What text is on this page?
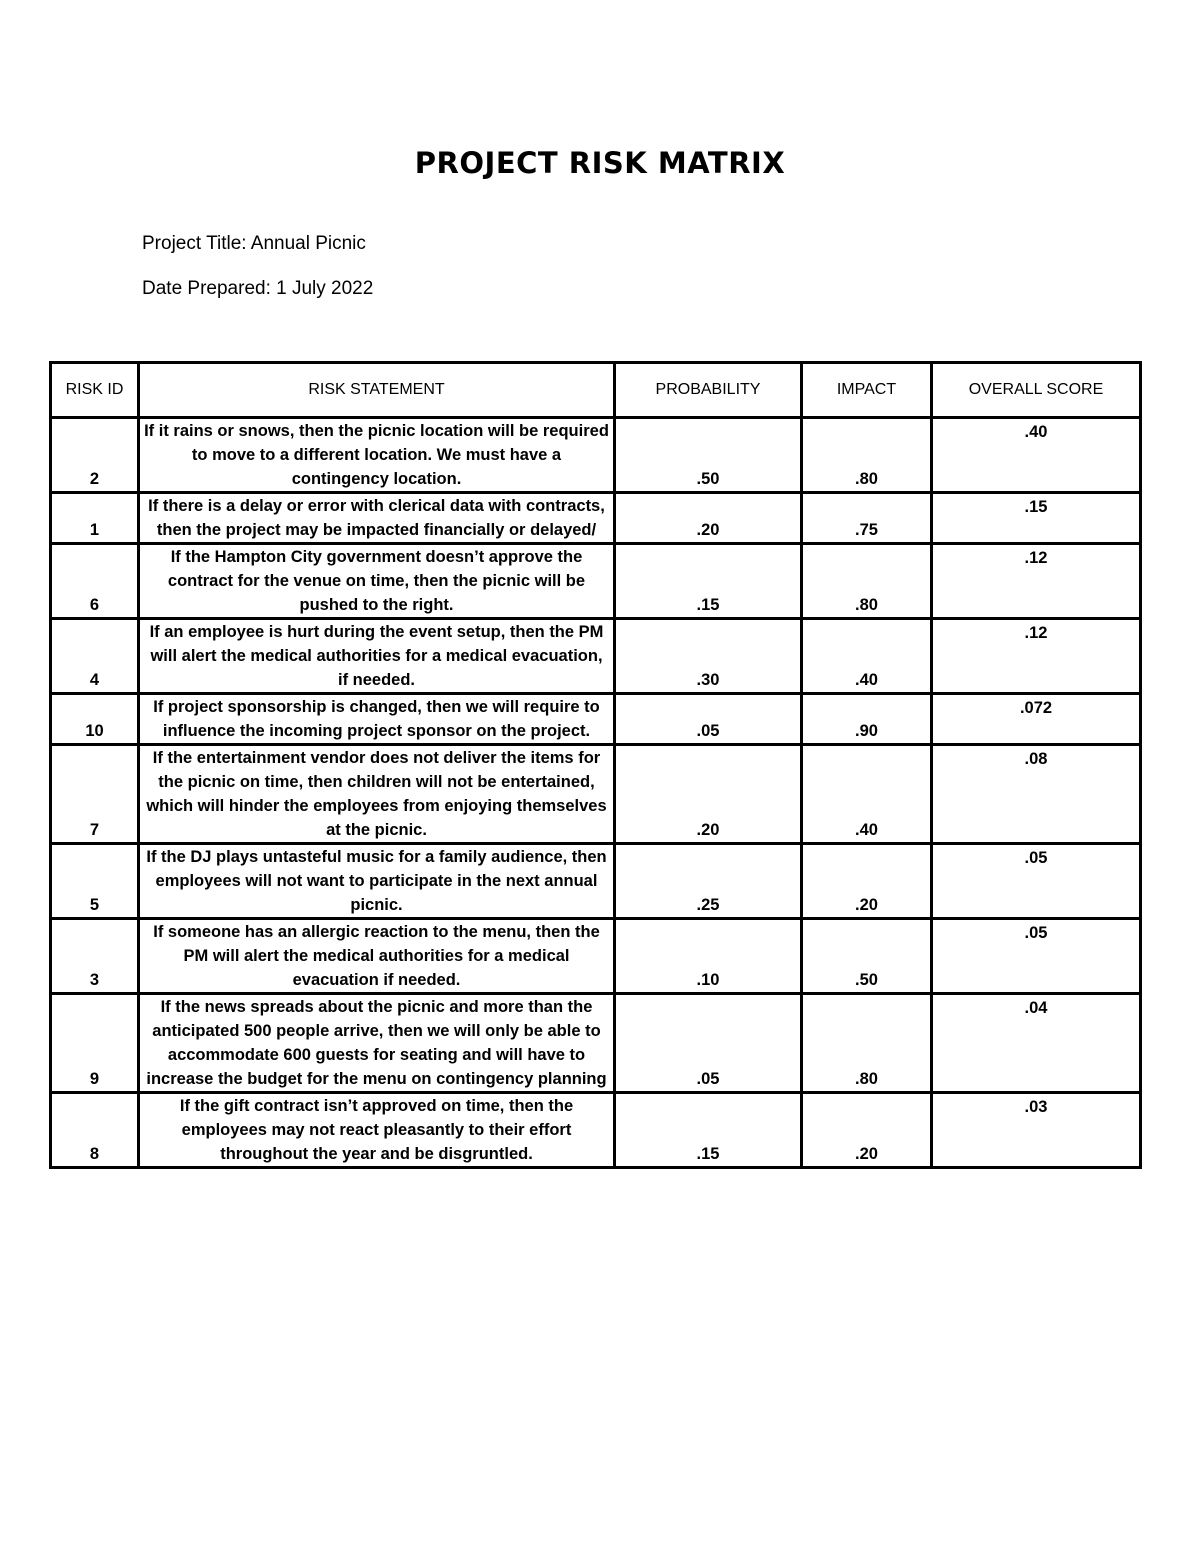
PROJECT RISK MATRIX
Project Title: Annual Picnic
Date Prepared: 1 July 2022
RISK ID	RISK STATEMENT	PROBABILITY	IMPACT	OVERALL SCORE
2	If it rains or snows, then the picnic location will be required to move to a different location. We must have a contingency location.	.50	.80	.40
1	If there is a delay or error with clerical data with contracts, then the project may be impacted financially or delayed/	.20	.75	.15
6	If the Hampton City government doesn’t approve the contract for the venue on time, then the picnic will be pushed to the right.	.15	.80	.12
4	If an employee is hurt during the event setup, then the PM will alert the medical authorities for a medical evacuation, if needed.	.30	.40	.12
10	If project sponsorship is changed, then we will require to influence the incoming project sponsor on the project.	.05	.90	.072
7	If the entertainment vendor does not deliver the items for the picnic on time, then children will not be entertained, which will hinder the employees from enjoying themselves at the picnic.	.20	.40	.08
5	If the DJ plays untasteful music for a family audience, then employees will not want to participate in the next annual picnic.	.25	.20	.05
3	If someone has an allergic reaction to the menu, then the PM will alert the medical authorities for a medical evacuation if needed.	.10	.50	.05
9	If the news spreads about the picnic and more than the anticipated 500 people arrive, then we will only be able to accommodate 600 guests for seating and will have to increase the budget for the menu on contingency planning	.05	.80	.04
8	If the gift contract isn’t approved on time, then the employees may not react pleasantly to their effort throughout the year and be disgruntled.	.15	.20	.03
